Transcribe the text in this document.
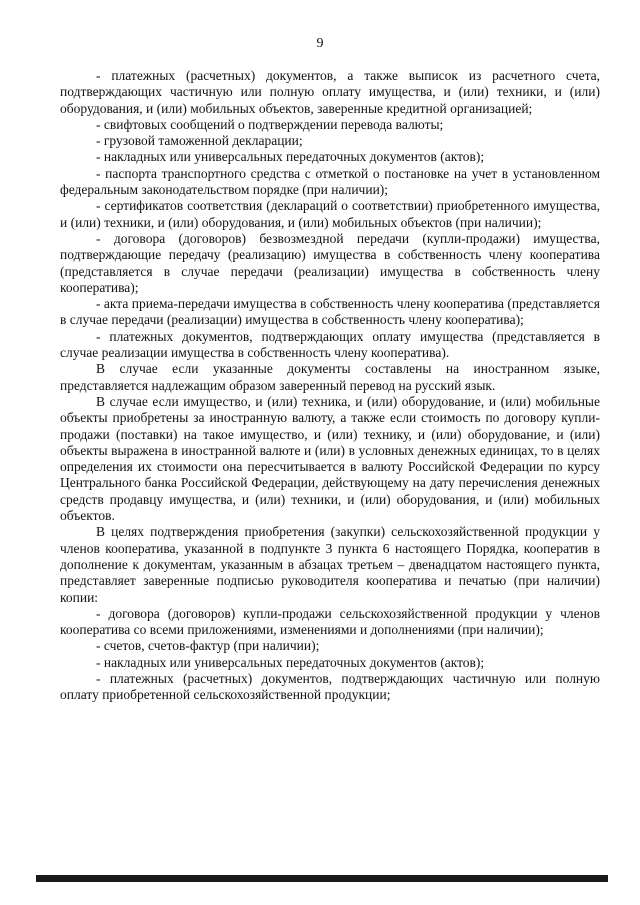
9

- платежных (расчетных) документов, а также выписок из расчетного счета, подтверждающих частичную или полную оплату имущества, и (или) техники, и (или) оборудования, и (или) мобильных объектов, заверенные кредитной организацией;

- свифтовых сообщений о подтверждении перевода валюты;

- грузовой таможенной декларации;

- накладных или универсальных передаточных документов (актов);

- паспорта транспортного средства с отметкой о постановке на учет в установленном федеральным законодательством порядке (при наличии);

- сертификатов соответствия (деклараций о соответствии) приобретенного имущества, и (или) техники, и (или) оборудования, и (или) мобильных объектов (при наличии);

- договора (договоров) безвозмездной передачи (купли-продажи) имущества, подтверждающие передачу (реализацию) имущества в собственность члену кооператива (представляется в случае передачи (реализации) имущества в собственность члену кооператива);

- акта приема-передачи имущества в собственность члену кооператива (представляется в случае передачи (реализации) имущества в собственность члену кооператива);

- платежных документов, подтверждающих оплату имущества (представляется в случае реализации имущества в собственность члену кооператива).

В случае если указанные документы составлены на иностранном языке, представляется надлежащим образом заверенный перевод на русский язык.

В случае если имущество, и (или) техника, и (или) оборудование, и (или) мобильные объекты приобретены за иностранную валюту, а также если стоимость по договору купли-продажи (поставки) на такое имущество, и (или) технику, и (или) оборудование, и (или) объекты выражена в иностранной валюте и (или) в условных денежных единицах, то в целях определения их стоимости она пересчитывается в валюту Российской Федерации по курсу Центрального банка Российской Федерации, действующему на дату перечисления денежных средств продавцу имущества, и (или) техники, и (или) оборудования, и (или) мобильных объектов.

В целях подтверждения приобретения (закупки) сельскохозяйственной продукции у членов кооператива, указанной в подпункте 3 пункта 6 настоящего Порядка, кооператив в дополнение к документам, указанным в абзацах третьем – двенадцатом настоящего пункта, представляет заверенные подписью руководителя кооператива и печатью (при наличии) копии:

- договора (договоров) купли-продажи сельскохозяйственной продукции у членов кооператива со всеми приложениями, изменениями и дополнениями (при наличии);

- счетов, счетов-фактур (при наличии);

- накладных или универсальных передаточных документов (актов);

- платежных (расчетных) документов, подтверждающих частичную или полную оплату приобретенной сельскохозяйственной продукции;
